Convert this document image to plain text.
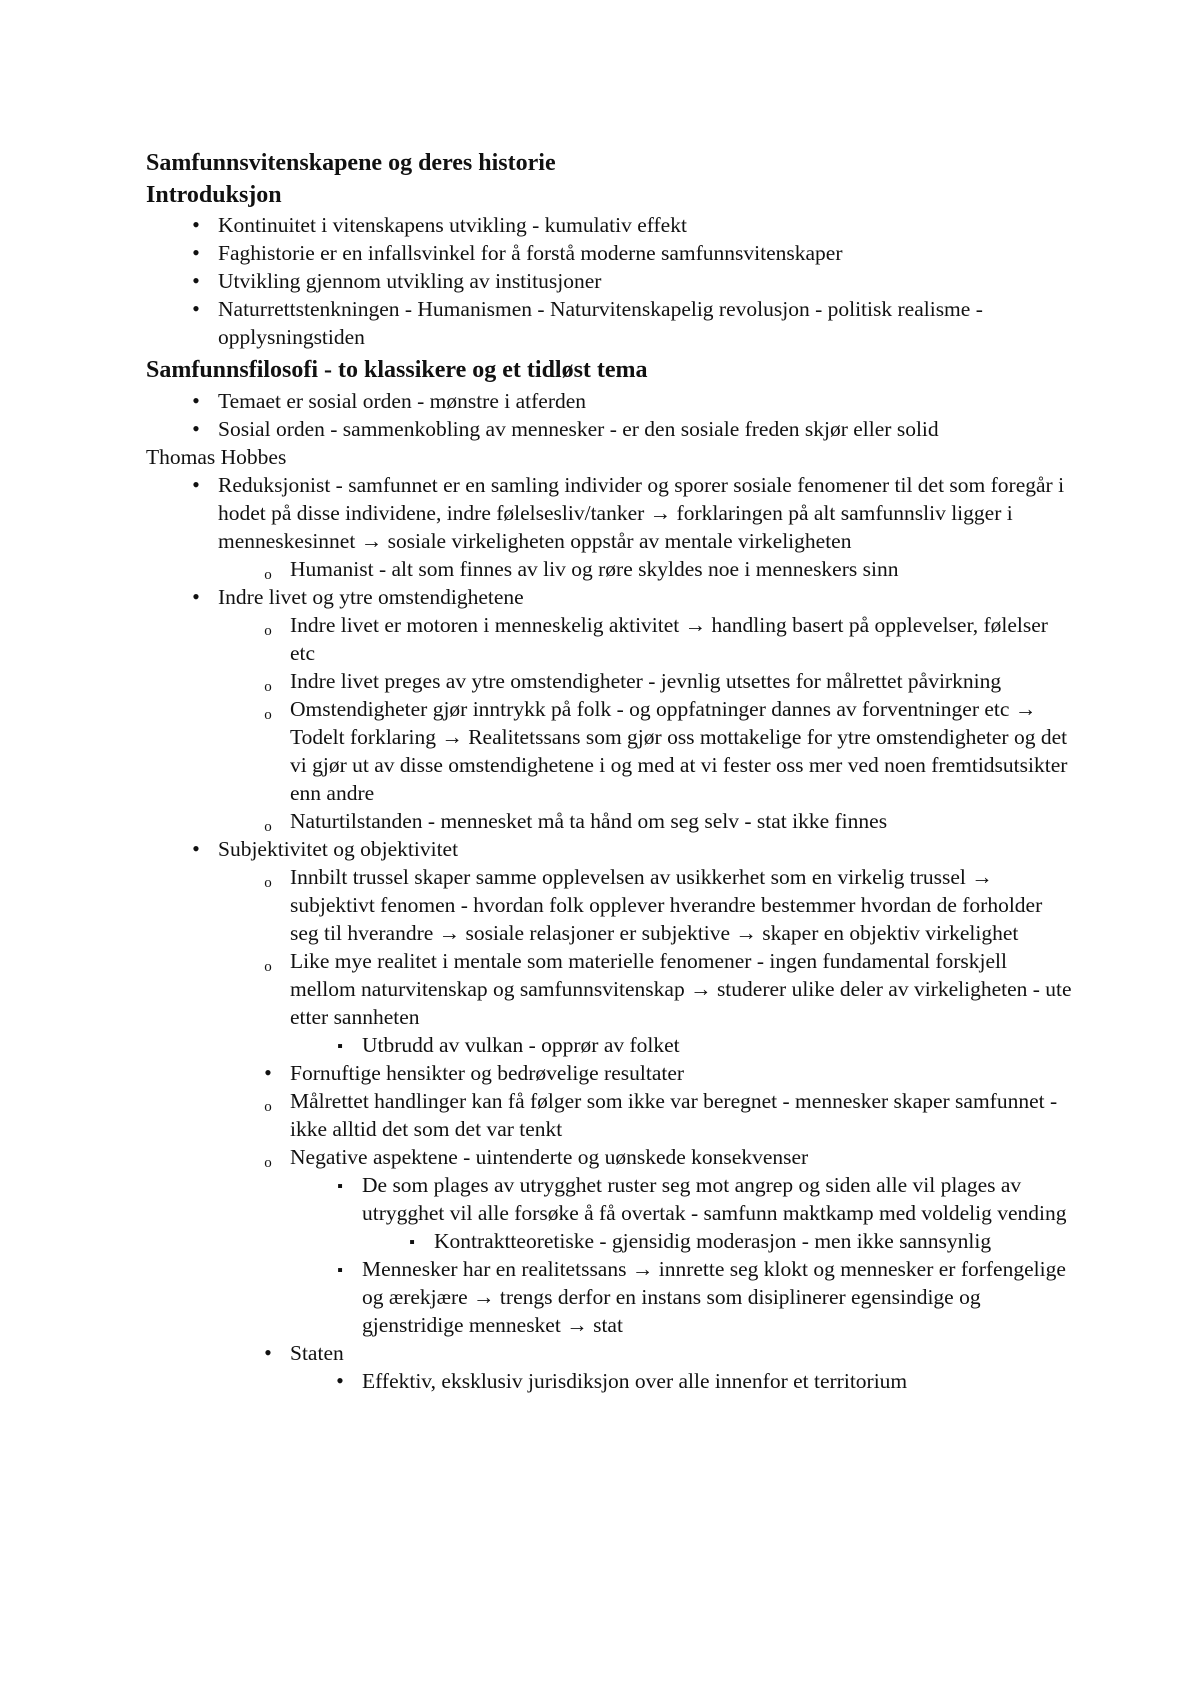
Samfunnsvitenskapene og deres historie
Introduksjon
•
Kontinuitet i vitenskapens utvikling - kumulativ effekt
•
Faghistorie er en infallsvinkel for å forstå moderne samfunnsvitenskaper
•
Utvikling gjennom utvikling av institusjoner
•
Naturrettstenkningen - Humanismen - Naturvitenskapelig revolusjon - politisk realisme - opplysningstiden
Samfunnsfilosofi - to klassikere og et tidløst tema
•
Temaet er sosial orden - mønstre i atferden
•
Sosial orden - sammenkobling av mennesker - er den sosiale freden skjør eller solid
Thomas Hobbes
•
Reduksjonist - samfunnet er en samling individer og sporer sosiale fenomener til det som foregår i hodet på disse individene, indre følelsesliv/tanker → forklaringen på alt samfunnsliv ligger i menneskesinnet → sosiale virkeligheten oppstår av mentale virkeligheten
o
Humanist - alt som finnes av liv og røre skyldes noe i menneskers sinn
•
Indre livet og ytre omstendighetene
o
Indre livet er motoren i menneskelig aktivitet → handling basert på opplevelser, følelser etc
o
Indre livet preges av ytre omstendigheter - jevnlig utsettes for målrettet påvirkning
o
Omstendigheter gjør inntrykk på folk - og oppfatninger dannes av forventninger etc → Todelt forklaring → Realitetssans som gjør oss mottakelige for ytre omstendigheter og det vi gjør ut av disse omstendighetene i og med at vi fester oss mer ved noen fremtidsutsikter enn andre
o
Naturtilstanden - mennesket må ta hånd om seg selv - stat ikke finnes
•
Subjektivitet og objektivitet
o
Innbilt trussel skaper samme opplevelsen av usikkerhet som en virkelig trussel → subjektivt fenomen - hvordan folk opplever hverandre bestemmer hvordan de forholder seg til hverandre → sosiale relasjoner er subjektive → skaper en objektiv virkelighet
o
Like mye realitet i mentale som materielle fenomener - ingen fundamental forskjell mellom naturvitenskap og samfunnsvitenskap → studerer ulike deler av virkeligheten - ute etter sannheten
▪
Utbrudd av vulkan - opprør av folket
•
Fornuftige hensikter og bedrøvelige resultater
o
Målrettet handlinger kan få følger som ikke var beregnet - mennesker skaper samfunnet - ikke alltid det som det var tenkt
o
Negative aspektene - uintenderte og uønskede konsekvenser
▪
De som plages av utrygghet ruster seg mot angrep og siden alle vil plages av utrygghet vil alle forsøke å få overtak - samfunn maktkamp med voldelig vending
▪
Kontraktteoretiske - gjensidig moderasjon - men ikke sannsynlig
▪
Mennesker har en realitetssans → innrette seg klokt og mennesker er forfengelige og ærekjære → trengs derfor en instans som disiplinerer egensindige og gjenstridige mennesket → stat
•
Staten
•
Effektiv, eksklusiv jurisdiksjon over alle innenfor et territorium
